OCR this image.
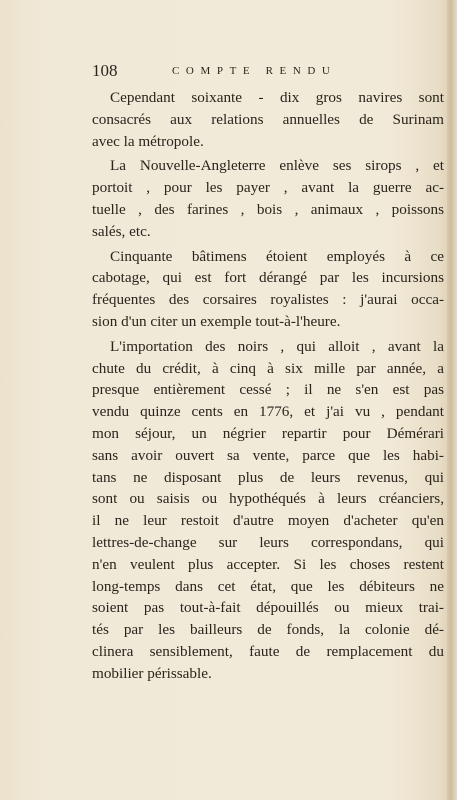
108	COMPTE RENDU
Cependant soixante - dix gros navires sont
consacrés aux relations annuelles de Surinam
avec la métropole.
La Nouvelle-Angleterre enlève ses sirops , et
portoit , pour les payer , avant la guerre ac-
tuelle , des farines , bois , animaux , poissons
salés, etc.
Cinquante bâtimens étoient employés à ce
cabotage, qui est fort dérangé par les incursions
fréquentes des corsaires royalistes : j'aurai occa-
sion d'un citer un exemple tout-à-l'heure.
L'importation des noirs , qui alloit , avant la
chute du crédit, à cinq à six mille par année, a
presque entièrement cessé ; il ne s'en est pas
vendu quinze cents en 1776, et j'ai vu , pendant
mon séjour, un négrier repartir pour Démérari
sans avoir ouvert sa vente, parce que les habi-
tans ne disposant plus de leurs revenus, qui
sont ou saisis ou hypothéqués à leurs créanciers,
il ne leur restoit d'autre moyen d'acheter qu'en
lettres-de-change sur leurs correspondans, qui
n'en veulent plus accepter. Si les choses restent
long-temps dans cet état, que les débiteurs ne
soient pas tout-à-fait dépouillés ou mieux trai-
tés par les bailleurs de fonds, la colonie dé-
clinera sensiblement, faute de remplacement du
mobilier périssable.
